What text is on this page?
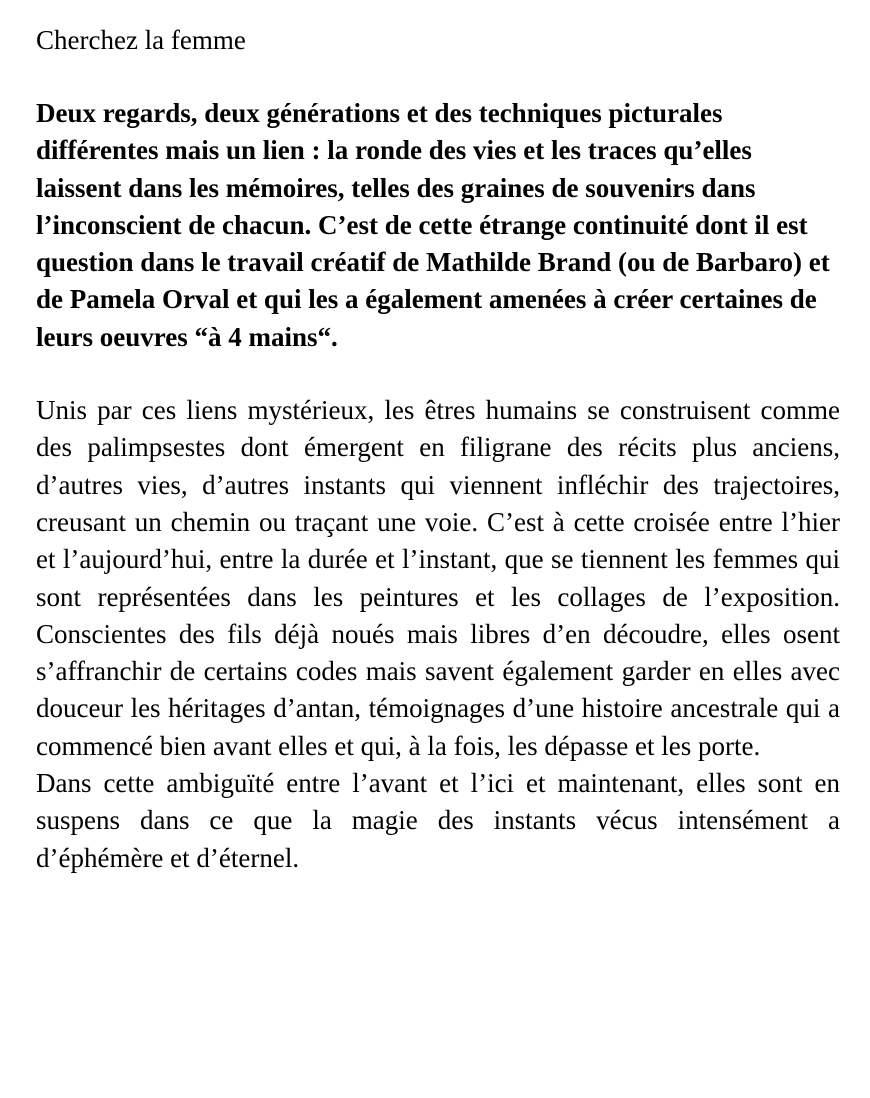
Cherchez la femme
Deux regards, deux générations et des techniques picturales différentes mais un lien : la ronde des vies et les traces qu’elles laissent dans les mémoires, telles des graines de souvenirs dans l’inconscient de chacun. C’est de cette étrange continuité dont il est question dans le travail créatif de Mathilde Brand (ou de Barbaro) et de Pamela Orval et qui les a également amenées à créer certaines de leurs oeuvres “à 4 mains“.

Unis par ces liens mystérieux, les êtres humains se construisent comme des palimpsestes dont émergent en filigrane des récits plus anciens, d’autres vies, d’autres instants qui viennent infléchir des trajectoires, creusant un chemin ou traçant une voie. C’est à cette croisée entre l’hier et l’aujourd’hui, entre la durée et l’instant, que se tiennent les femmes qui sont représentées dans les peintures et les collages de l’exposition. Conscientes des fils déjà noués mais libres d’en découdre, elles osent s’affranchir de certains codes mais savent également garder en elles avec douceur les héritages d’antan, témoignages d’une histoire ancestrale qui a commencé bien avant elles et qui, à la fois, les dépasse et les porte.

Dans cette ambiguïté entre l’avant et l’ici et maintenant, elles sont en suspens dans ce que la magie des instants vécus intensément a d’éphémère et d’éternel.
